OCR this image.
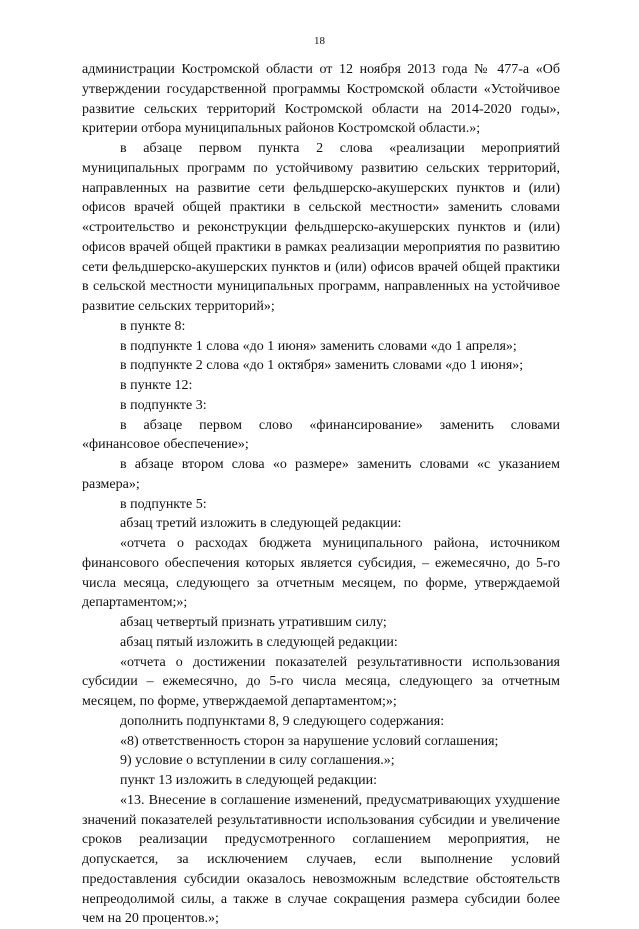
18

администрации Костромской области от 12 ноября 2013 года № 477-а «Об утверждении государственной программы Костромской области «Устойчивое развитие сельских территорий Костромской области на 2014-2020 годы», критерии отбора муниципальных районов Костромской области.»;

в абзаце первом пункта 2 слова «реализации мероприятий муниципальных программ по устойчивому развитию сельских территорий, направленных на развитие сети фельдшерско-акушерских пунктов и (или) офисов врачей общей практики в сельской местности» заменить словами «строительство и реконструкции фельдшерско-акушерских пунктов и (или) офисов врачей общей практики в рамках реализации мероприятия по развитию сети фельдшерско-акушерских пунктов и (или) офисов врачей общей практики в сельской местности муниципальных программ, направленных на устойчивое развитие сельских территорий»;

в пункте 8:

в подпункте 1 слова «до 1 июня» заменить словами «до 1 апреля»;

в подпункте 2 слова «до 1 октября» заменить словами «до 1 июня»;

в пункте 12:

в подпункте 3:

в абзаце первом слово «финансирование» заменить словами «финансовое обеспечение»;

в абзаце втором слова «о размере» заменить словами «с указанием размера»;

в подпункте 5:

абзац третий изложить в следующей редакции:

«отчета о расходах бюджета муниципального района, источником финансового обеспечения которых является субсидия, – ежемесячно, до 5-го числа месяца, следующего за отчетным месяцем, по форме, утверждаемой департаментом;»;

абзац четвертый признать утратившим силу;

абзац пятый изложить в следующей редакции:

«отчета о достижении показателей результативности использования субсидии – ежемесячно, до 5-го числа месяца, следующего за отчетным месяцем, по форме, утверждаемой департаментом;»;

дополнить подпунктами 8, 9 следующего содержания:

«8) ответственность сторон за нарушение условий соглашения;

9) условие о вступлении в силу соглашения.»;

пункт 13 изложить в следующей редакции:

«13. Внесение в соглашение изменений, предусматривающих ухудшение значений показателей результативности использования субсидии и увеличение сроков реализации предусмотренного соглашением мероприятия, не допускается, за исключением случаев, если выполнение условий предоставления субсидии оказалось невозможным вследствие обстоятельств непреодолимой силы, а также в случае сокращения размера субсидии более чем на 20 процентов.»;
